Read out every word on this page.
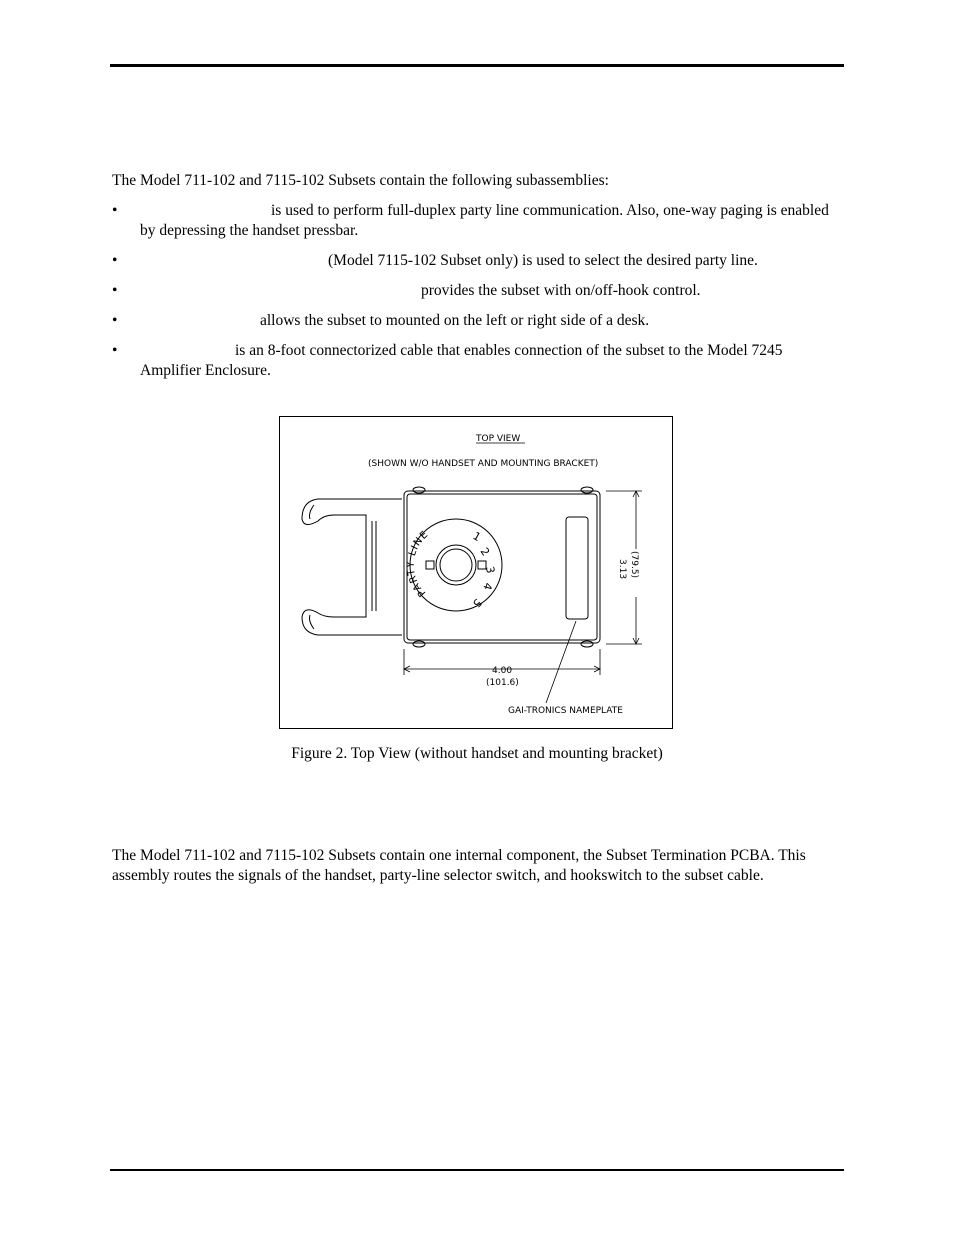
The Model 711-102 and 7115-102 Subsets contain the following subassemblies:
•	is used to perform full-duplex party line communication. Also, one-way paging is enabled by depressing the handset pressbar.
•	(Model 7115-102 Subset only) is used to select the desired party line.
•	provides the subset with on/off-hook control.
•	allows the subset to mounted on the left or right side of a desk.
•	is an 8-foot connectorized cable that enables connection of the subset to the Model 7245 Amplifier Enclosure.
TOP VIEW
(SHOWN W/O HANDSET AND MOUNTING BRACKET)
PARTY LINE	1
2
3
4
5
GAI-TRONICS NAMEPLATE
3.13 (79.5)
4.00
(101.6)
Figure 2. Top View (without handset and mounting bracket)
The Model 711-102 and 7115-102 Subsets contain one internal component, the Subset Termination PCBA. This assembly routes the signals of the handset, party-line selector switch, and hookswitch to the subset cable.
